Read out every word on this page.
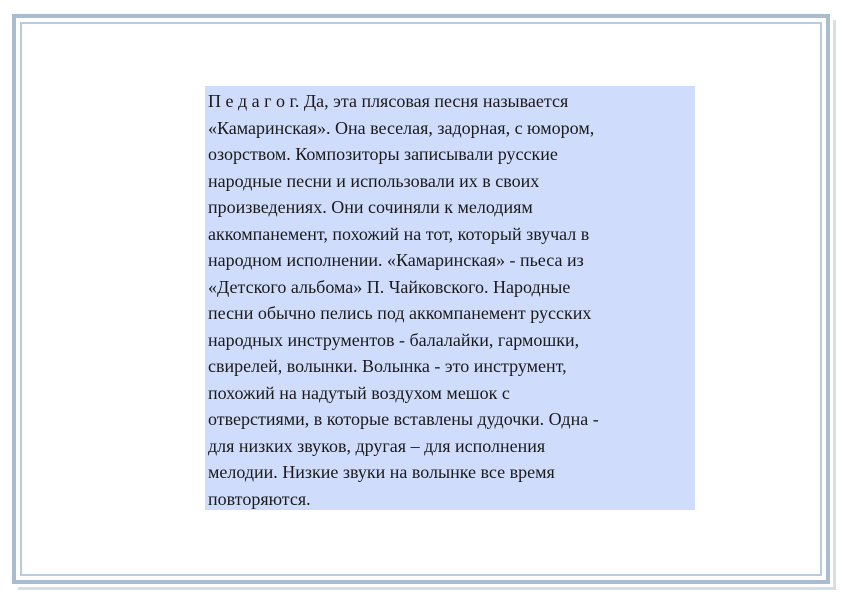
П е д а г о г. Да, эта плясовая песня называется
«Камаринская». Она веселая, задорная, с юмором,
озорством. Композиторы записывали русские
народные песни и использовали их в своих
произведениях. Они сочиняли к мелодиям
аккомпанемент, похожий на тот, который звучал в
народном исполнении. «Камаринская» - пьеса из
«Детского альбома» П. Чайковского. Народные
песни обычно пелись под аккомпанемент русских
народных инструментов - балалайки, гармошки,
свирелей, волынки. Волынка - это инструмент,
похожий на надутый воздухом мешок с
отверстиями, в которые вставлены дудочки. Одна -
для низких звуков, другая – для исполнения
мелодии. Низкие звуки на волынке все время
повторяются.
